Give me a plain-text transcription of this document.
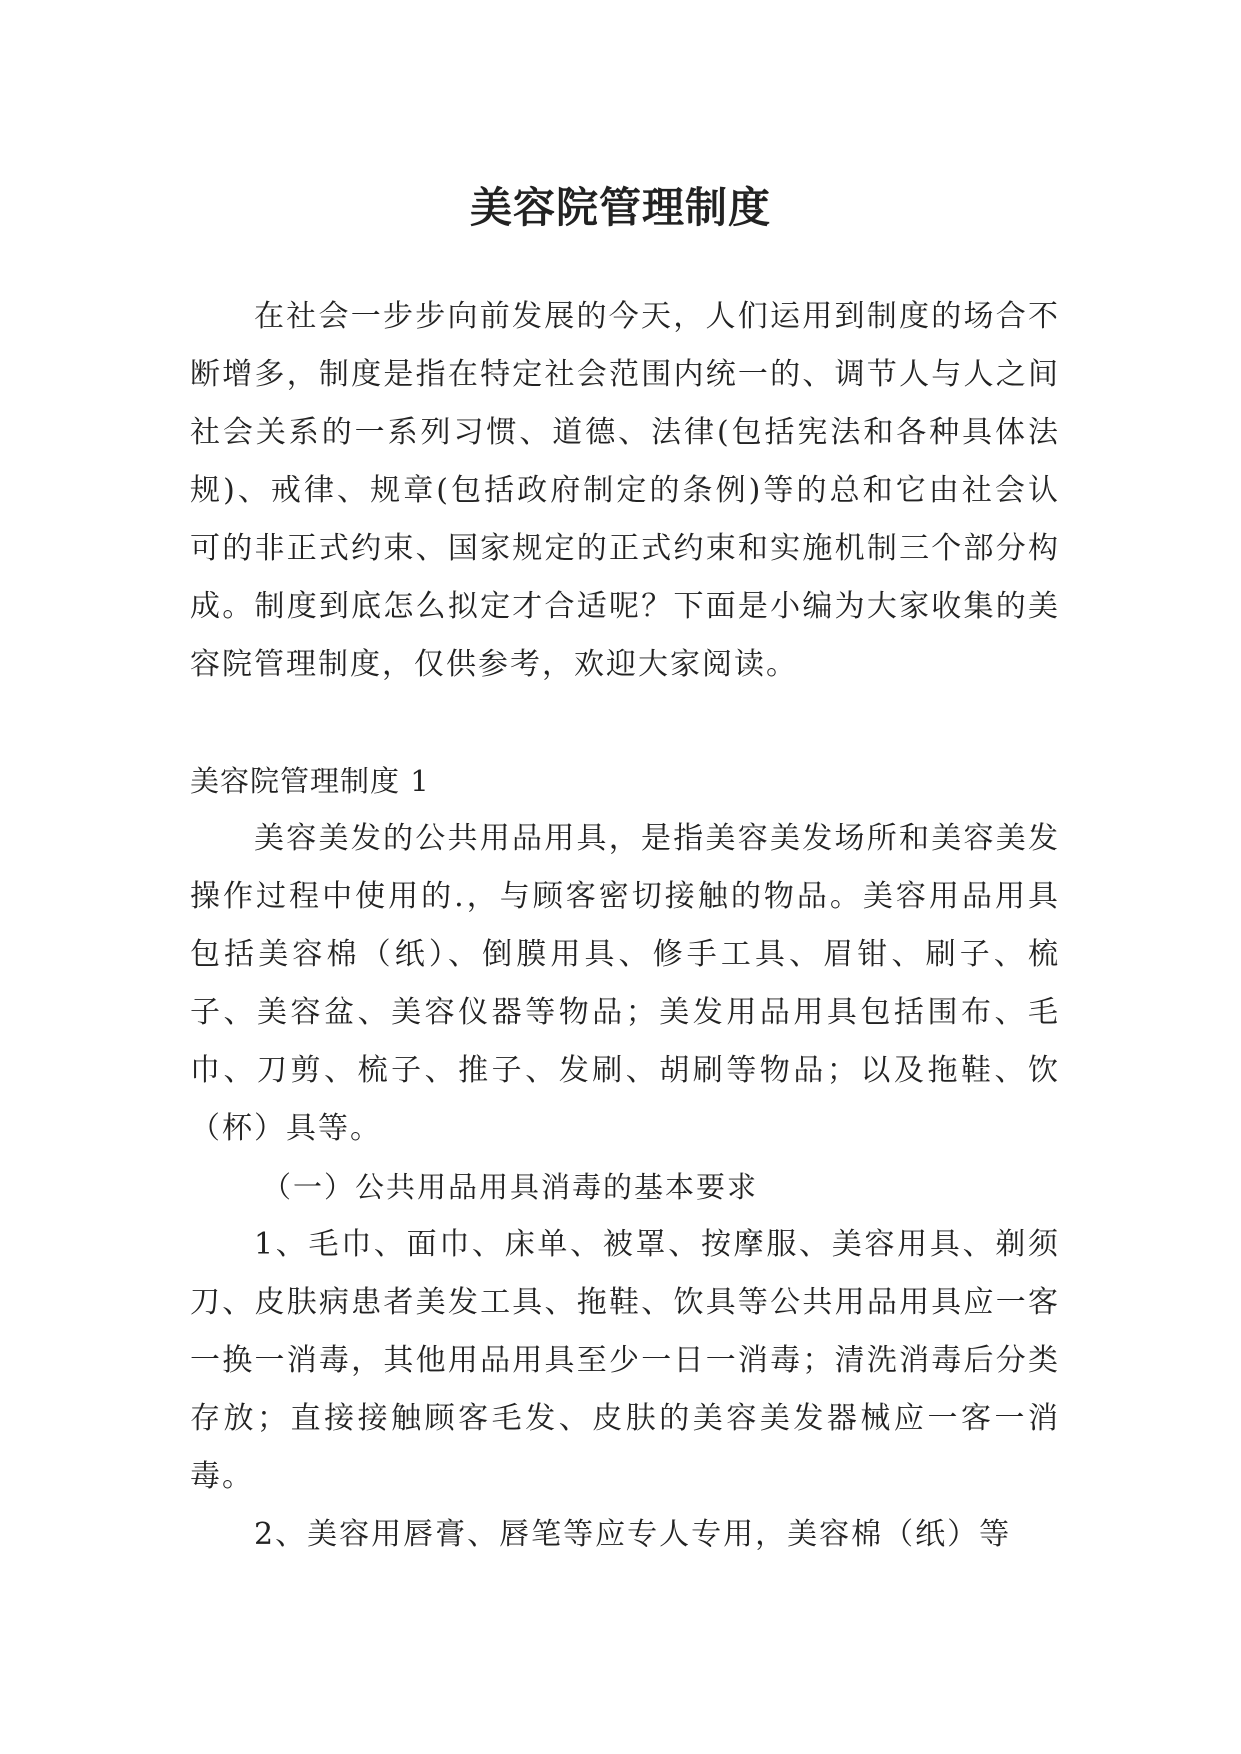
美容院管理制度

在社会一步步向前发展的今天，人们运用到制度的场合不断增多，制度是指在特定社会范围内统一的、调节人与人之间社会关系的一系列习惯、道德、法律(包括宪法和各种具体法规)、戒律、规章(包括政府制定的条例)等的总和它由社会认可的非正式约束、国家规定的正式约束和实施机制三个部分构成。制度到底怎么拟定才合适呢？下面是小编为大家收集的美容院管理制度，仅供参考，欢迎大家阅读。

美容院管理制度 1

美容美发的公共用品用具，是指美容美发场所和美容美发操作过程中使用的.，与顾客密切接触的物品。美容用品用具包括美容棉（纸）、倒膜用具、修手工具、眉钳、刷子、梳子、美容盆、美容仪器等物品；美发用品用具包括围布、毛巾、刀剪、梳子、推子、发刷、胡刷等物品；以及拖鞋、饮（杯）具等。

（一）公共用品用具消毒的基本要求

1、毛巾、面巾、床单、被罩、按摩服、美容用具、剃须刀、皮肤病患者美发工具、拖鞋、饮具等公共用品用具应一客一换一消毒，其他用品用具至少一日一消毒；清洗消毒后分类存放；直接接触顾客毛发、皮肤的美容美发器械应一客一消毒。

2、美容用唇膏、唇笔等应专人专用，美容棉（纸）等
